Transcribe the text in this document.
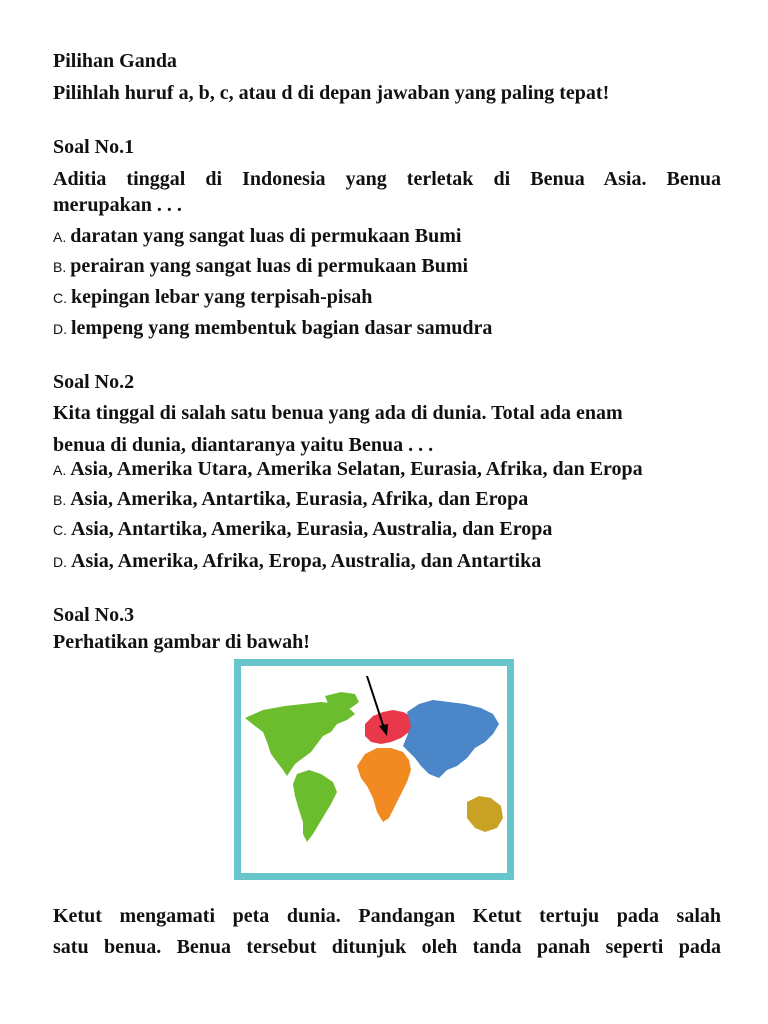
Pilihan Ganda
Pilihlah huruf a, b, c, atau d di depan jawaban yang paling tepat!
Soal No.1
Aditia tinggal di Indonesia yang terletak di Benua Asia. Benua
merupakan . . .
A. daratan yang sangat luas di permukaan Bumi
B. perairan yang sangat luas di permukaan Bumi
C. kepingan lebar yang terpisah-pisah
D. lempeng yang membentuk bagian dasar samudra
Soal No.2
Kita tinggal di salah satu benua yang ada di dunia. Total ada enam
benua di dunia, diantaranya yaitu Benua . . .
A. Asia, Amerika Utara, Amerika Selatan, Eurasia, Afrika, dan Eropa
B. Asia, Amerika, Antartika, Eurasia, Afrika, dan Eropa
C. Asia, Antartika, Amerika, Eurasia, Australia, dan Eropa
D. Asia, Amerika, Afrika, Eropa, Australia, dan Antartika
Soal No.3
Perhatikan gambar di bawah!
Ketut mengamati peta dunia. Pandangan Ketut tertuju pada salah
satu benua. Benua tersebut ditunjuk oleh tanda panah seperti pada
